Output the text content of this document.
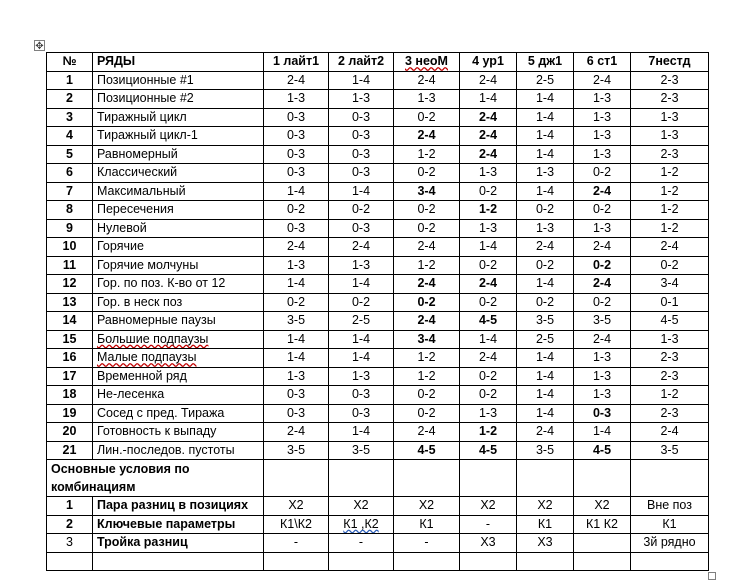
✥
№	РЯДЫ	1 лайт1	2 лайт2	3 неоМ	4 ур1	5 дж1	6 ст1	7нестд
1	Позиционные #1	2-4	1-4	2-4	2-4	2-5	2-4	2-3
2	Позиционные #2	1-3	1-3	1-3	1-4	1-4	1-3	2-3
3	Тиражный цикл	0-3	0-3	0-2	2-4	1-4	1-3	1-3
4	Тиражный цикл-1	0-3	0-3	2-4	2-4	1-4	1-3	1-3
5	Равномерный	0-3	0-3	1-2	2-4	1-4	1-3	2-3
6	Классический	0-3	0-3	0-2	1-3	1-3	0-2	1-2
7	Максимальный	1-4	1-4	3-4	0-2	1-4	2-4	1-2
8	Пересечения	0-2	0-2	0-2	1-2	0-2	0-2	1-2
9	Нулевой	0-3	0-3	0-2	1-3	1-3	1-3	1-2
10	Горячие	2-4	2-4	2-4	1-4	2-4	2-4	2-4
11	Горячие молчуны	1-3	1-3	1-2	0-2	0-2	0-2	0-2
12	Гор. по поз. К-во от 12	1-4	1-4	2-4	2-4	1-4	2-4	3-4
13	Гор. в неск поз	0-2	0-2	0-2	0-2	0-2	0-2	0-1
14	Равномерные паузы	3-5	2-5	2-4	4-5	3-5	3-5	4-5
15	Большие подпаузы	1-4	1-4	3-4	1-4	2-5	2-4	1-3
16	Малые подпаузы	1-4	1-4	1-2	2-4	1-4	1-3	2-3
17	Временной ряд	1-3	1-3	1-2	0-2	1-4	1-3	2-3
18	Не-лесенка	0-3	0-3	0-2	0-2	1-4	1-3	1-2
19	Сосед с пред. Тиража	0-3	0-3	0-2	1-3	1-4	0-3	2-3
20	Готовность к выпаду	2-4	1-4	2-4	1-2	2-4	1-4	2-4
21	Лин.-последов. пустоты	3-5	3-5	4-5	4-5	3-5	4-5	3-5
Основные условия по комбинациям								
1	Пара разниц в позициях	X2	X2	X2	X2	X2	X2	Вне поз
2	Ключевые параметры	К1\К2	К1 ,К2	К1	-	К1	К1 К2	К1
3	Тройка разниц	-	-	-	X3	X3		3й рядно
